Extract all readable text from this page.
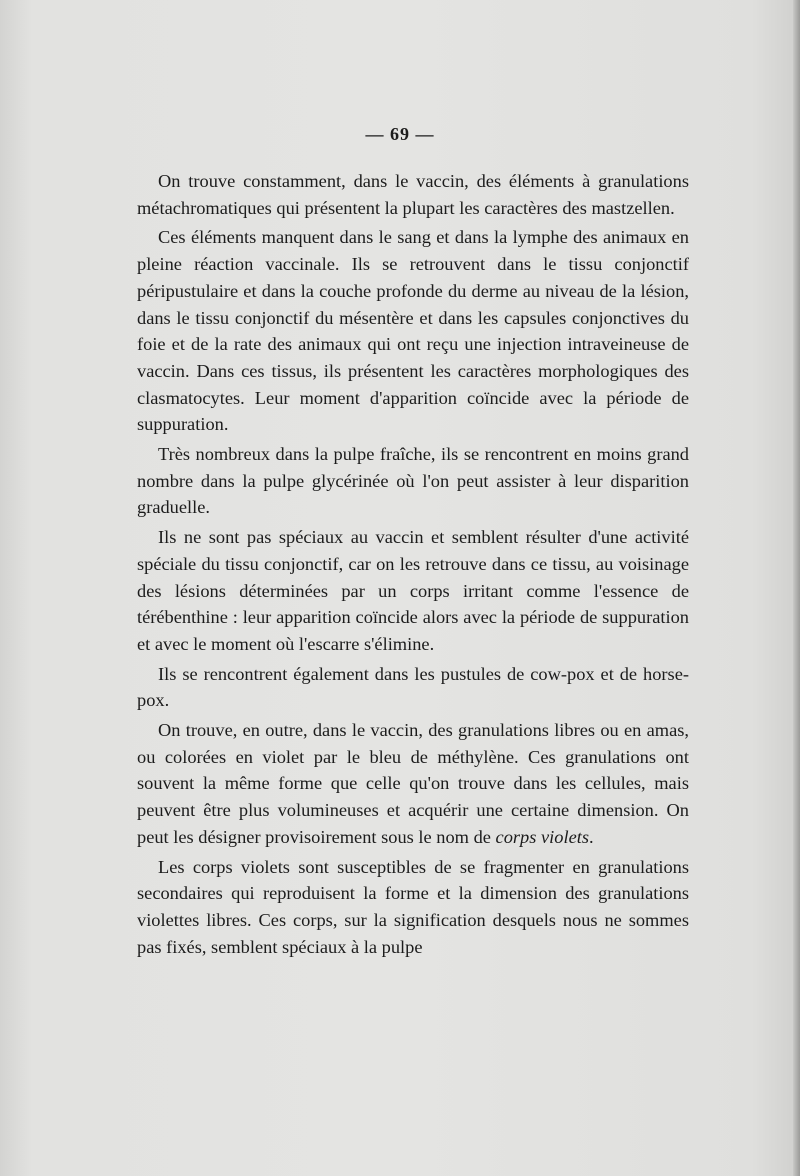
— 69 —

On trouve constamment, dans le vaccin, des éléments à granulations métachromatiques qui présentent la plupart les caractères des mastzellen.

Ces éléments manquent dans le sang et dans la lymphe des animaux en pleine réaction vaccinale. Ils se retrouvent dans le tissu conjonctif péripustulaire et dans la couche profonde du derme au niveau de la lésion, dans le tissu conjonctif du mésentère et dans les capsules conjonctives du foie et de la rate des animaux qui ont reçu une injection intraveineuse de vaccin. Dans ces tissus, ils présentent les caractères morphologiques des clasmatocytes. Leur moment d'apparition coïncide avec la période de suppuration.

Très nombreux dans la pulpe fraîche, ils se rencontrent en moins grand nombre dans la pulpe glycérinée où l'on peut assister à leur disparition graduelle.

Ils ne sont pas spéciaux au vaccin et semblent résulter d'une activité spéciale du tissu conjonctif, car on les retrouve dans ce tissu, au voisinage des lésions déterminées par un corps irritant comme l'essence de térébenthine : leur apparition coïncide alors avec la période de suppuration et avec le moment où l'escarre s'élimine.

Ils se rencontrent également dans les pustules de cow-pox et de horse-pox.

On trouve, en outre, dans le vaccin, des granulations libres ou en amas, ou colorées en violet par le bleu de méthylène. Ces granulations ont souvent la même forme que celle qu'on trouve dans les cellules, mais peuvent être plus volumineuses et acquérir une certaine dimension. On peut les désigner provisoirement sous le nom de corps violets.

Les corps violets sont susceptibles de se fragmenter en granulations secondaires qui reproduisent la forme et la dimension des granulations violettes libres. Ces corps, sur la signification desquels nous ne sommes pas fixés, semblent spéciaux à la pulpe
